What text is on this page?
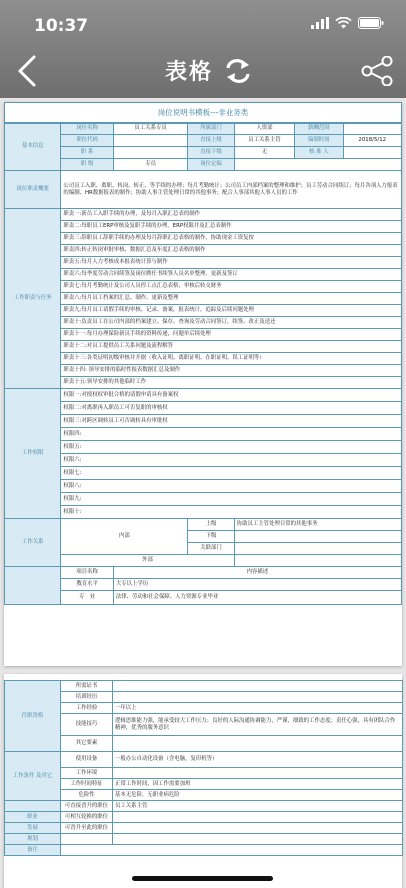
10:37
表格
岗位说明书模板---非业务类						
基本信息	岗位名称	员工关系专员	所属部门	人资部	薪酬范围	
	职位代码		直接上级	员工关系主管	编制时间	2018/5/12
	职 系		直接下级	无	核 准 人	
	职 级	专员	岗位定编			
岗位职责概要	公司员工入职、离职、转岗、转正、等手续的办理；每月考勤统计；公司员工内部档案的整理和维护；员工劳动合同续订；每月各项人力报表的编制、HR数据报表的制作；协助人事主管处理日常的其他事务；配合人事部其他人事人员的工作					
工作职责与任务	职责一:新员工入职手续的办理，及每月入职汇总表的制作					
	职责二:每职员工ERP审核及复职手续的办理，ERP权限并及汇总表制作					
	职责三:辞职员工辞职手续的办理及每月辞职汇总表格的制作，协助现金工资复按					
	职责四:转正转岗审批审核、数据汇总及年度汇总表格的制作					
	职责五:每月人力考核成本报表统计算与制作					
	职责六:每季度劳动合同续签及岗位聘任书续签人员名单整理，更新及签订					
	职责七:每月考勤统计及公司人员停工点汇总表格，审核后转交财务					
	职责八:每月员工档案的汇总、制作、更新及整理					
	职责九:每月员工请假手续的审核、记录、备案，报表统计，追踪及后续问题处理					
	职责十:负责员工在公司内部的档案建立、保存、查询及劳动合同签订，续签、改正及送还					
	职责十一:每月办理保险新员手续的资料传递，问题单后续处理					
	职责十二:对员工提供员工关系问题及流程解答					
	职责十三:各类证明初级审核并开据（收入证明、离职证明、在职证明、误工证明等）					
	职责十四: 领导安排的临时性报表数据汇总及制作					
	职责十五:领导安排的其他临时工作					
工作权限	权限一:对授权权审批合格的请假申请具有备案权					
	权限二:对离职再入职员工可否复职的审核权					
	权限三:对跨区调转员工可否调转具有审批权					
	权限四:					
	权限五:					
	权限六:					
	权限七:					
	权限八:					
	权限九:					
	权限十:					
工作关系	内部		上级	协助员工主管处理日常的其他事务		
			下级			
			关联部门			
	外部					
	项目名称	内容描述				
	教育水平	大专以上学历				
	专　业	法律、劳动和社会保障、人力资源专业毕业				
任职资格	所需证书	
	培训经历	
	工作经验	一年以上
	技能技巧	逻辑思维能力强，能承受较大工作压力；良好的人际沟通协调能力，严谨，细致的工作态度；责任心强，具有团队合作精神，优秀的服务意识
	其它要素	
工作条件 及其它	使用设备	一般办公自动化设备（含电脑，复印机等）
	工作环境	
	工作时间特征	正常工作时间，因工作需要加班
	危险性	基本无危险，无职业病危险
	可直接晋升的职位	员工关系主管
职业	可相互轮换的职位	
发展	可晋升至此的职位	
规划		
备注		
